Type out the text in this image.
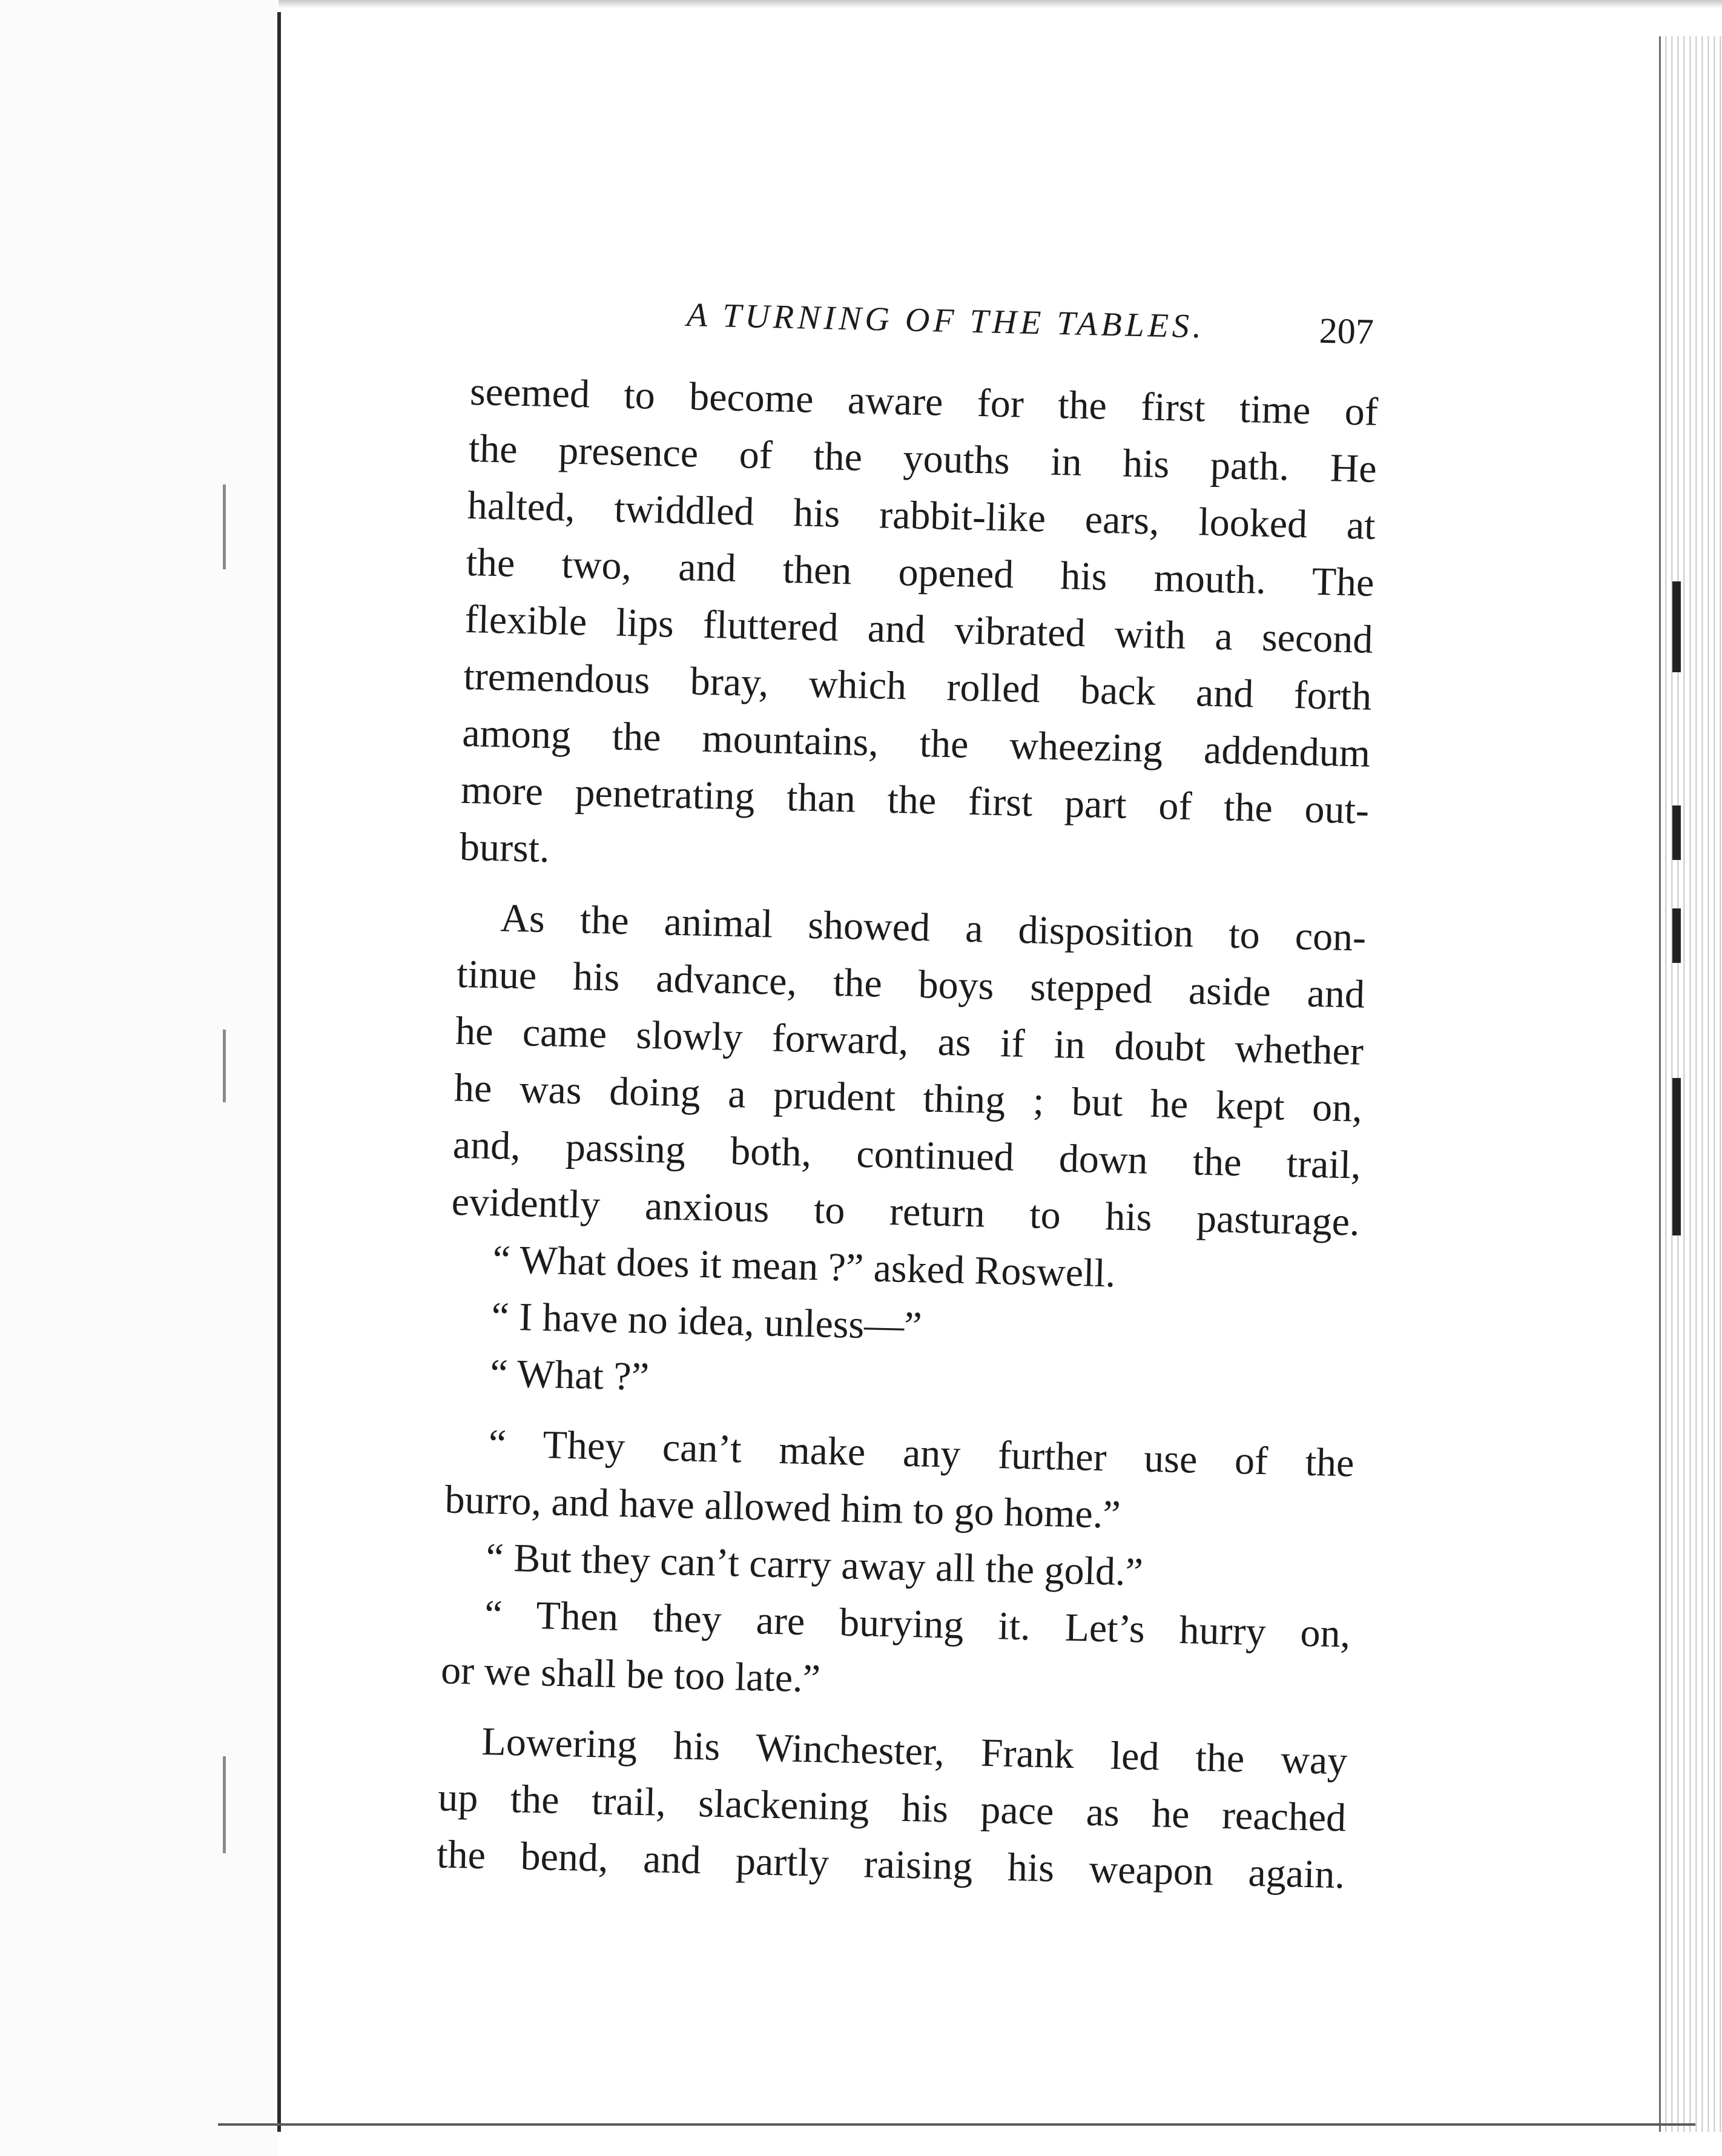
A TURNING OF THE TABLES.	207

seemed to become aware for the first time of
the presence of the youths in his path. He
halted, twiddled his rabbit-like ears, looked at
the two, and then opened his mouth. The
flexible lips fluttered and vibrated with a second
tremendous bray, which rolled back and forth
among the mountains, the wheezing addendum
more penetrating than the first part of the out-
burst.

As the animal showed a disposition to con-
tinue his advance, the boys stepped aside and
he came slowly forward, as if in doubt whether
he was doing a prudent thing ; but he kept on,
and, passing both, continued down the trail,
evidently anxious to return to his pasturage.

“ What does it mean ?” asked Roswell.

“ I have no idea, unless—”

“ What ?”

“ They can’t make any further use of the
burro, and have allowed him to go home.”

“ But they can’t carry away all the gold.”

“ Then they are burying it. Let’s hurry on,
or we shall be too late.”

Lowering his Winchester, Frank led the way
up the trail, slackening his pace as he reached
the bend, and partly raising his weapon again.
